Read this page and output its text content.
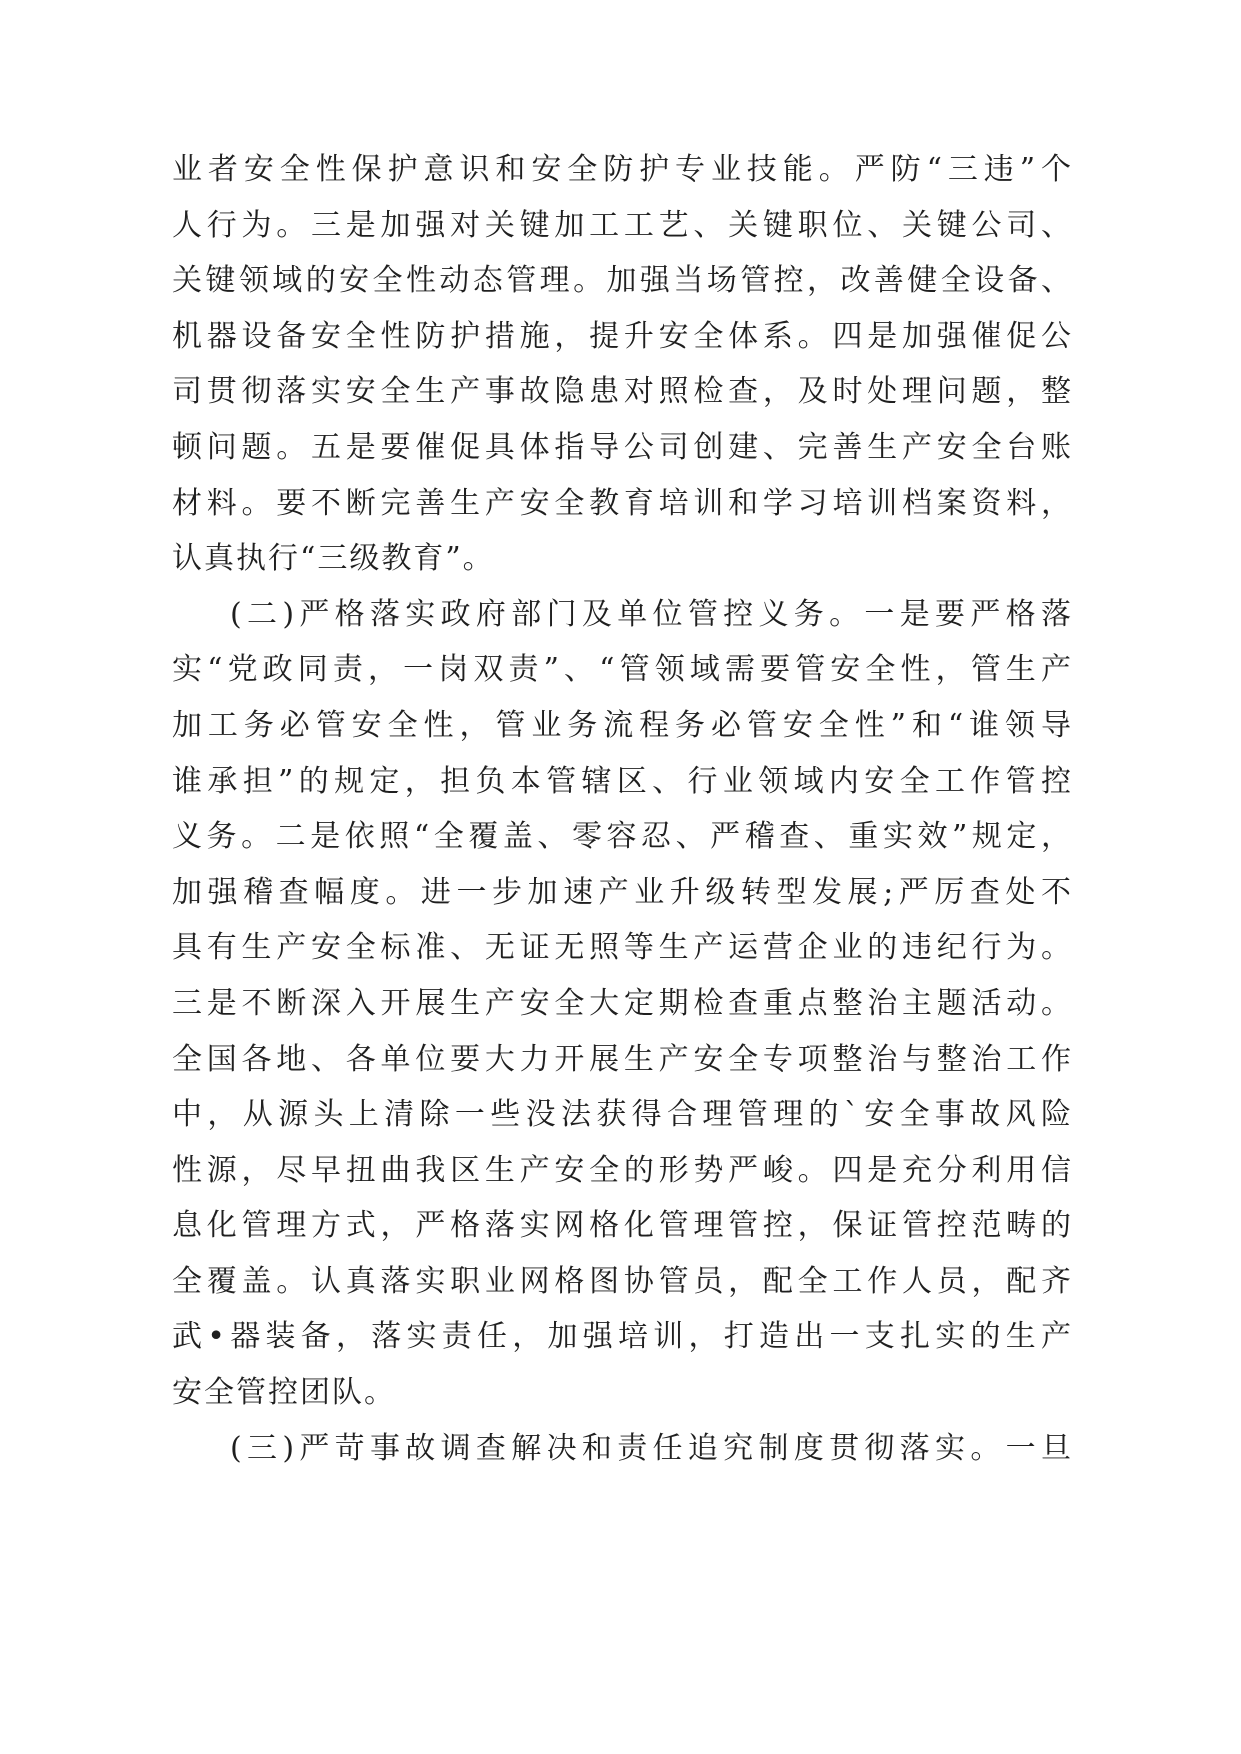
业者安全性保护意识和安全防护专业技能。严防“三违”个
人行为。三是加强对关键加工工艺、关键职位、关键公司、
关键领域的安全性动态管理。加强当场管控，改善健全设备、
机器设备安全性防护措施，提升安全体系。四是加强催促公
司贯彻落实安全生产事故隐患对照检查，及时处理问题，整
顿问题。五是要催促具体指导公司创建、完善生产安全台账
材料。要不断完善生产安全教育培训和学习培训档案资料，
认真执行“三级教育”。
(二)严格落实政府部门及单位管控义务。一是要严格落
实“党政同责，一岗双责”、“管领域需要管安全性，管生产
加工务必管安全性，管业务流程务必管安全性”和“谁领导
谁承担”的规定，担负本管辖区、行业领域内安全工作管控
义务。二是依照“全覆盖、零容忍、严稽查、重实效”规定，
加强稽查幅度。进一步加速产业升级转型发展;严厉查处不
具有生产安全标准、无证无照等生产运营企业的违纪行为。
三是不断深入开展生产安全大定期检查重点整治主题活动。
全国各地、各单位要大力开展生产安全专项整治与整治工作
中，从源头上清除一些没法获得合理管理的`安全事故风险
性源，尽早扭曲我区生产安全的形势严峻。四是充分利用信
息化管理方式，严格落实网格化管理管控，保证管控范畴的
全覆盖。认真落实职业网格图协管员，配全工作人员，配齐
武•器装备，落实责任，加强培训，打造出一支扎实的生产
安全管控团队。
(三)严苛事故调查解决和责任追究制度贯彻落实。一旦
